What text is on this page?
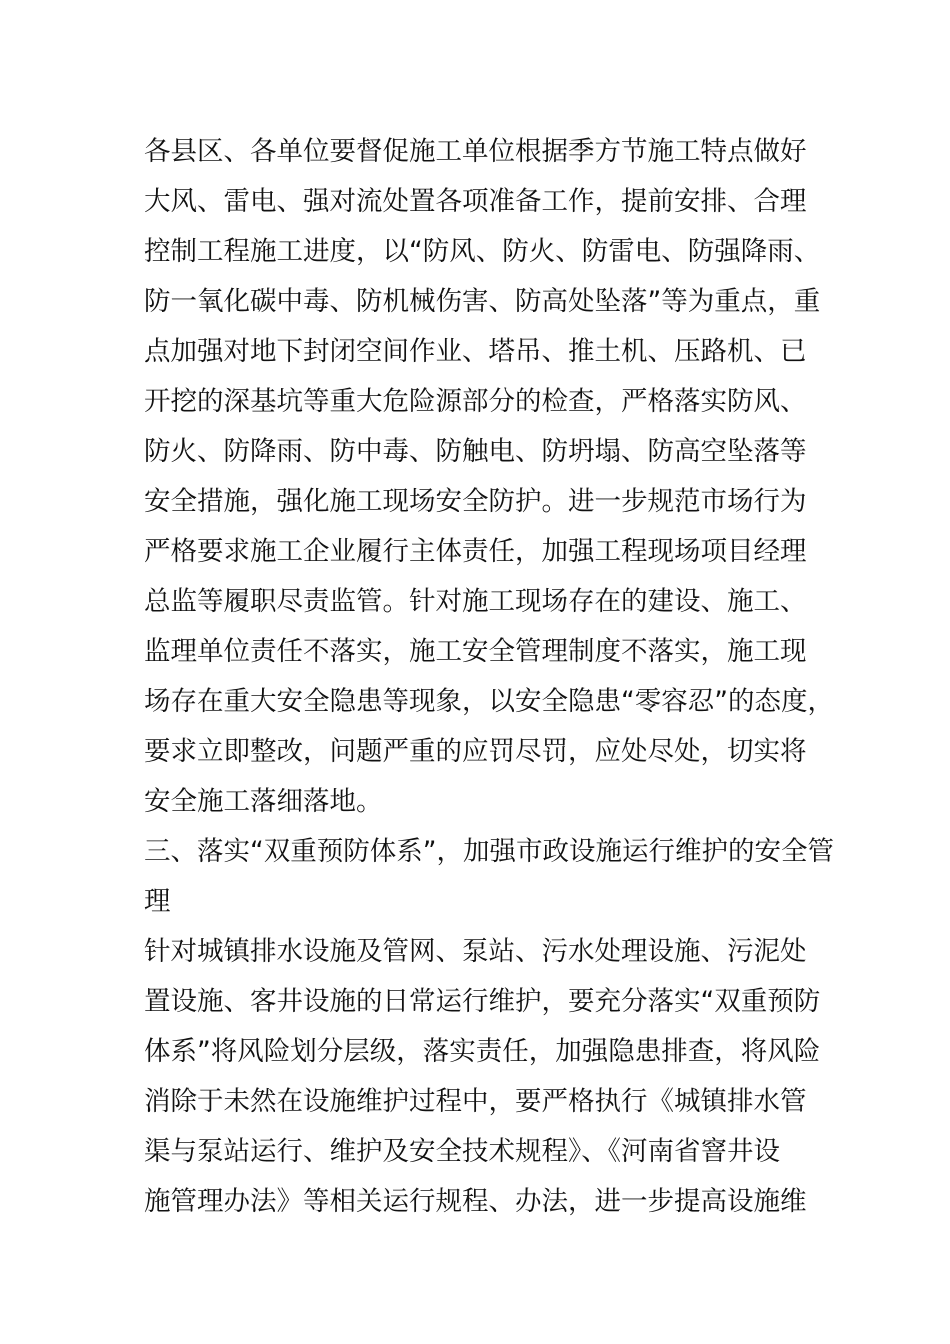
各县区、各单位要督促施工单位根据季方节施工特点做好
大风、雷电、强对流处置各项准备工作，提前安排、合理
控制工程施工进度，以“防风、防火、防雷电、防强降雨、
防一氧化碳中毒、防机械伤害、防高处坠落”等为重点，重
点加强对地下封闭空间作业、塔吊、推土机、压路机、已
开挖的深基坑等重大危险源部分的检查，严格落实防风、
防火、防降雨、防中毒、防触电、防坍塌、防高空坠落等
安全措施，强化施工现场安全防护。进一步规范市场行为
严格要求施工企业履行主体责任，加强工程现场项目经理
总监等履职尽责监管。针对施工现场存在的建设、施工、
监理单位责任不落实，施工安全管理制度不落实，施工现
场存在重大安全隐患等现象，以安全隐患“零容忍”的态度，
要求立即整改，问题严重的应罚尽罚，应处尽处，切实将
安全施工落细落地。
三、落实“双重预防体系”，加强市政设施运行维护的安全管
理
针对城镇排水设施及管网、泵站、污水处理设施、污泥处
置设施、客井设施的日常运行维护，要充分落实“双重预防
体系”将风险划分层级，落实责任，加强隐患排查，将风险
消除于未然在设施维护过程中，要严格执行《城镇排水管
渠与泵站运行、维护及安全技术规程》、《河南省窨井设
施管理办法》等相关运行规程、办法，进一步提高设施维
